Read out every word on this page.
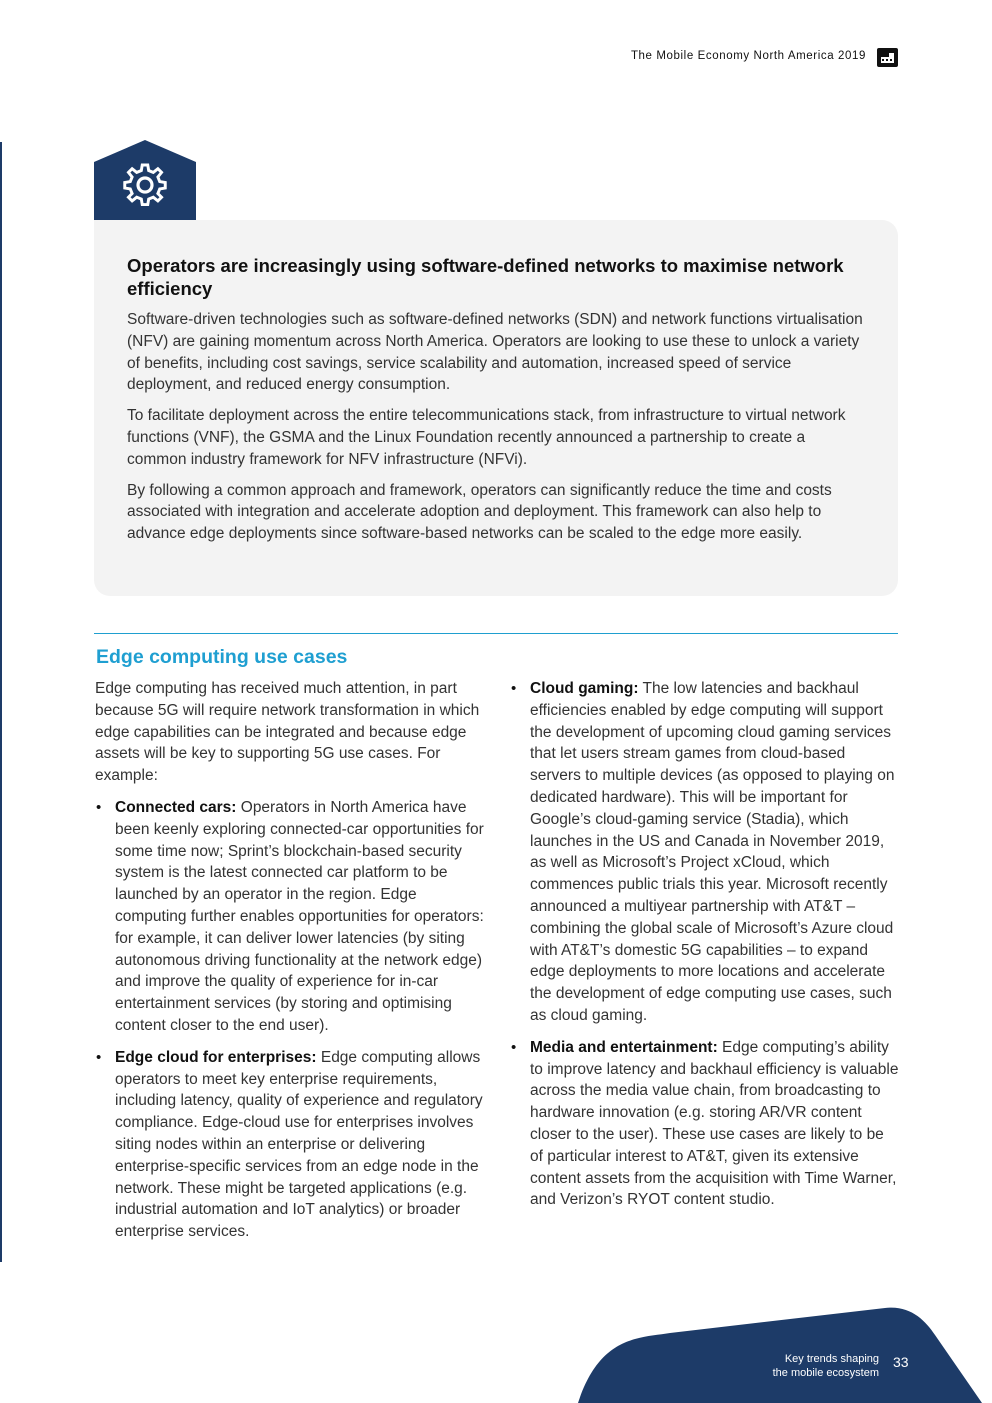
The Mobile Economy North America 2019
Operators are increasingly using software-defined networks to maximise network efficiency

Software-driven technologies such as software-defined networks (SDN) and network functions virtualisation (NFV) are gaining momentum across North America. Operators are looking to use these to unlock a variety of benefits, including cost savings, service scalability and automation, increased speed of service deployment, and reduced energy consumption.

To facilitate deployment across the entire telecommunications stack, from infrastructure to virtual network functions (VNF), the GSMA and the Linux Foundation recently announced a partnership to create a common industry framework for NFV infrastructure (NFVi).

By following a common approach and framework, operators can significantly reduce the time and costs associated with integration and accelerate adoption and deployment. This framework can also help to advance edge deployments since software-based networks can be scaled to the edge more easily.

Edge computing use cases

Edge computing has received much attention, in part because 5G will require network transformation in which edge capabilities can be integrated and because edge assets will be key to supporting 5G use cases. For example:

• Connected cars: Operators in North America have been keenly exploring connected-car opportunities for some time now; Sprint’s blockchain-based security system is the latest connected car platform to be launched by an operator in the region. Edge computing further enables opportunities for operators: for example, it can deliver lower latencies (by siting autonomous driving functionality at the network edge) and improve the quality of experience for in-car entertainment services (by storing and optimising content closer to the end user).
• Edge cloud for enterprises: Edge computing allows operators to meet key enterprise requirements, including latency, quality of experience and regulatory compliance. Edge-cloud use for enterprises involves siting nodes within an enterprise or delivering enterprise-specific services from an edge node in the network. These might be targeted applications (e.g. industrial automation and IoT analytics) or broader enterprise services.
• Cloud gaming: The low latencies and backhaul efficiencies enabled by edge computing will support the development of upcoming cloud gaming services that let users stream games from cloud-based servers to multiple devices (as opposed to playing on dedicated hardware). This will be important for Google’s cloud-gaming service (Stadia), which launches in the US and Canada in November 2019, as well as Microsoft’s Project xCloud, which commences public trials this year. Microsoft recently announced a multiyear partnership with AT&T – combining the global scale of Microsoft’s Azure cloud with AT&T’s domestic 5G capabilities – to expand edge deployments to more locations and accelerate the development of edge computing use cases, such as cloud gaming.
• Media and entertainment: Edge computing’s ability to improve latency and backhaul efficiency is valuable across the media value chain, from broadcasting to hardware innovation (e.g. storing AR/VR content closer to the user). These use cases are likely to be of particular interest to AT&T, given its extensive content assets from the acquisition with Time Warner, and Verizon’s RYOT content studio.
Key trends shaping
the mobile ecosystem
33
